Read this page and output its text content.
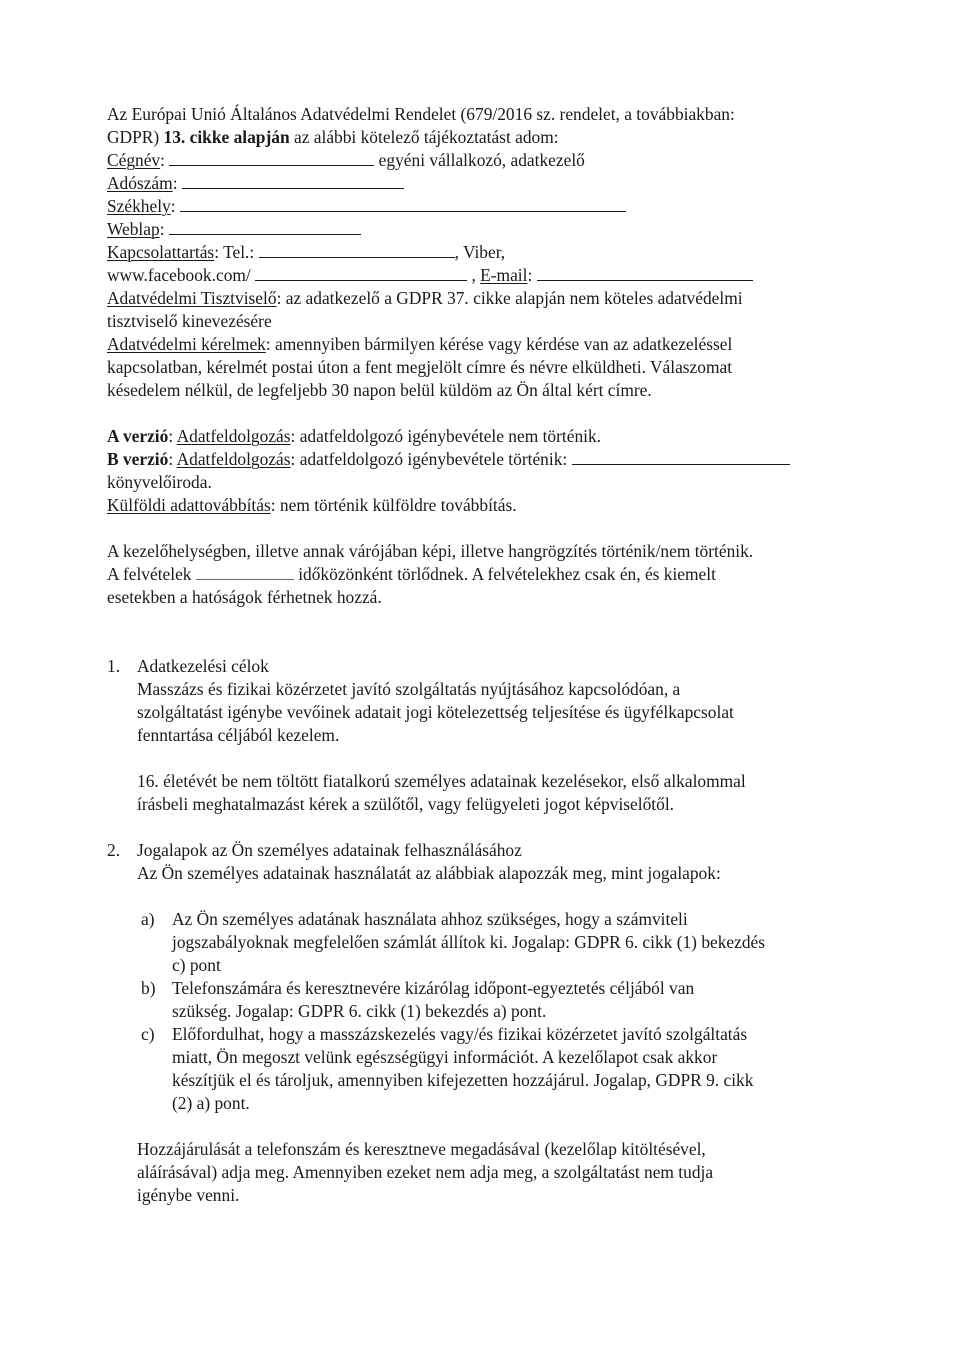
Az Európai Unió Általános Adatvédelmi Rendelet (679/2016 sz. rendelet, a továbbiakban:
GDPR) 13. cikke alapján az alábbi kötelező tájékoztatást adom:
Cégnév:	egyéni vállalkozó, adatkezelő
Adószám:
Székhely:
Weblap:
Kapcsolattartás: Tel.:	, Viber,
www.facebook.com/	, E-mail:
Adatvédelmi Tisztviselő: az adatkezelő a GDPR 37. cikke alapján nem köteles adatvédelmi
tisztviselő kinevezésére
Adatvédelmi kérelmek: amennyiben bármilyen kérése vagy kérdése van az adatkezeléssel
kapcsolatban, kérelmét postai úton a fent megjelölt címre és névre elküldheti. Válaszomat
késedelem nélkül, de legfeljebb 30 napon belül küldöm az Ön által kért címre.
A verzió: Adatfeldolgozás: adatfeldolgozó igénybevétele nem történik.
B verzió: Adatfeldolgozás: adatfeldolgozó igénybevétele történik:
könyvelőiroda.
Külföldi adattovábbítás: nem történik külföldre továbbítás.
A kezelőhelységben, illetve annak várójában képi, illetve hangrögzítés történik/nem történik.
A felvételek	időközönként törlődnek. A felvételekhez csak én, és kiemelt
esetekben a hatóságok férhetnek hozzá.
1. Adatkezelési célok
Masszázs és fizikai közérzetet javító szolgáltatás nyújtásához kapcsolódóan, a
szolgáltatást igénybe vevőinek adatait jogi kötelezettség teljesítése és ügyfélkapcsolat
fenntartása céljából kezelem.
16. életévét be nem töltött fiatalkorú személyes adatainak kezelésekor, első alkalommal
írásbeli meghatalmazást kérek a szülőtől, vagy felügyeleti jogot képviselőtől.
2. Jogalapok az Ön személyes adatainak felhasználásához
Az Ön személyes adatainak használatát az alábbiak alapozzák meg, mint jogalapok:
a) Az Ön személyes adatának használata ahhoz szükséges, hogy a számviteli
jogszabályoknak megfelelően számlát állítok ki. Jogalap: GDPR 6. cikk (1) bekezdés
c) pont
b) Telefonszámára és keresztnevére kizárólag időpont-egyeztetés céljából van
szükség. Jogalap: GDPR 6. cikk (1) bekezdés a) pont.
c) Előfordulhat, hogy a masszázskezelés vagy/és fizikai közérzetet javító szolgáltatás
miatt, Ön megoszt velünk egészségügyi információt. A kezelőlapot csak akkor
készítjük el és tároljuk, amennyiben kifejezetten hozzájárul. Jogalap, GDPR 9. cikk
(2) a) pont.
Hozzájárulását a telefonszám és keresztneve megadásával (kezelőlap kitöltésével,
aláírásával) adja meg. Amennyiben ezeket nem adja meg, a szolgáltatást nem tudja
igénybe venni.
